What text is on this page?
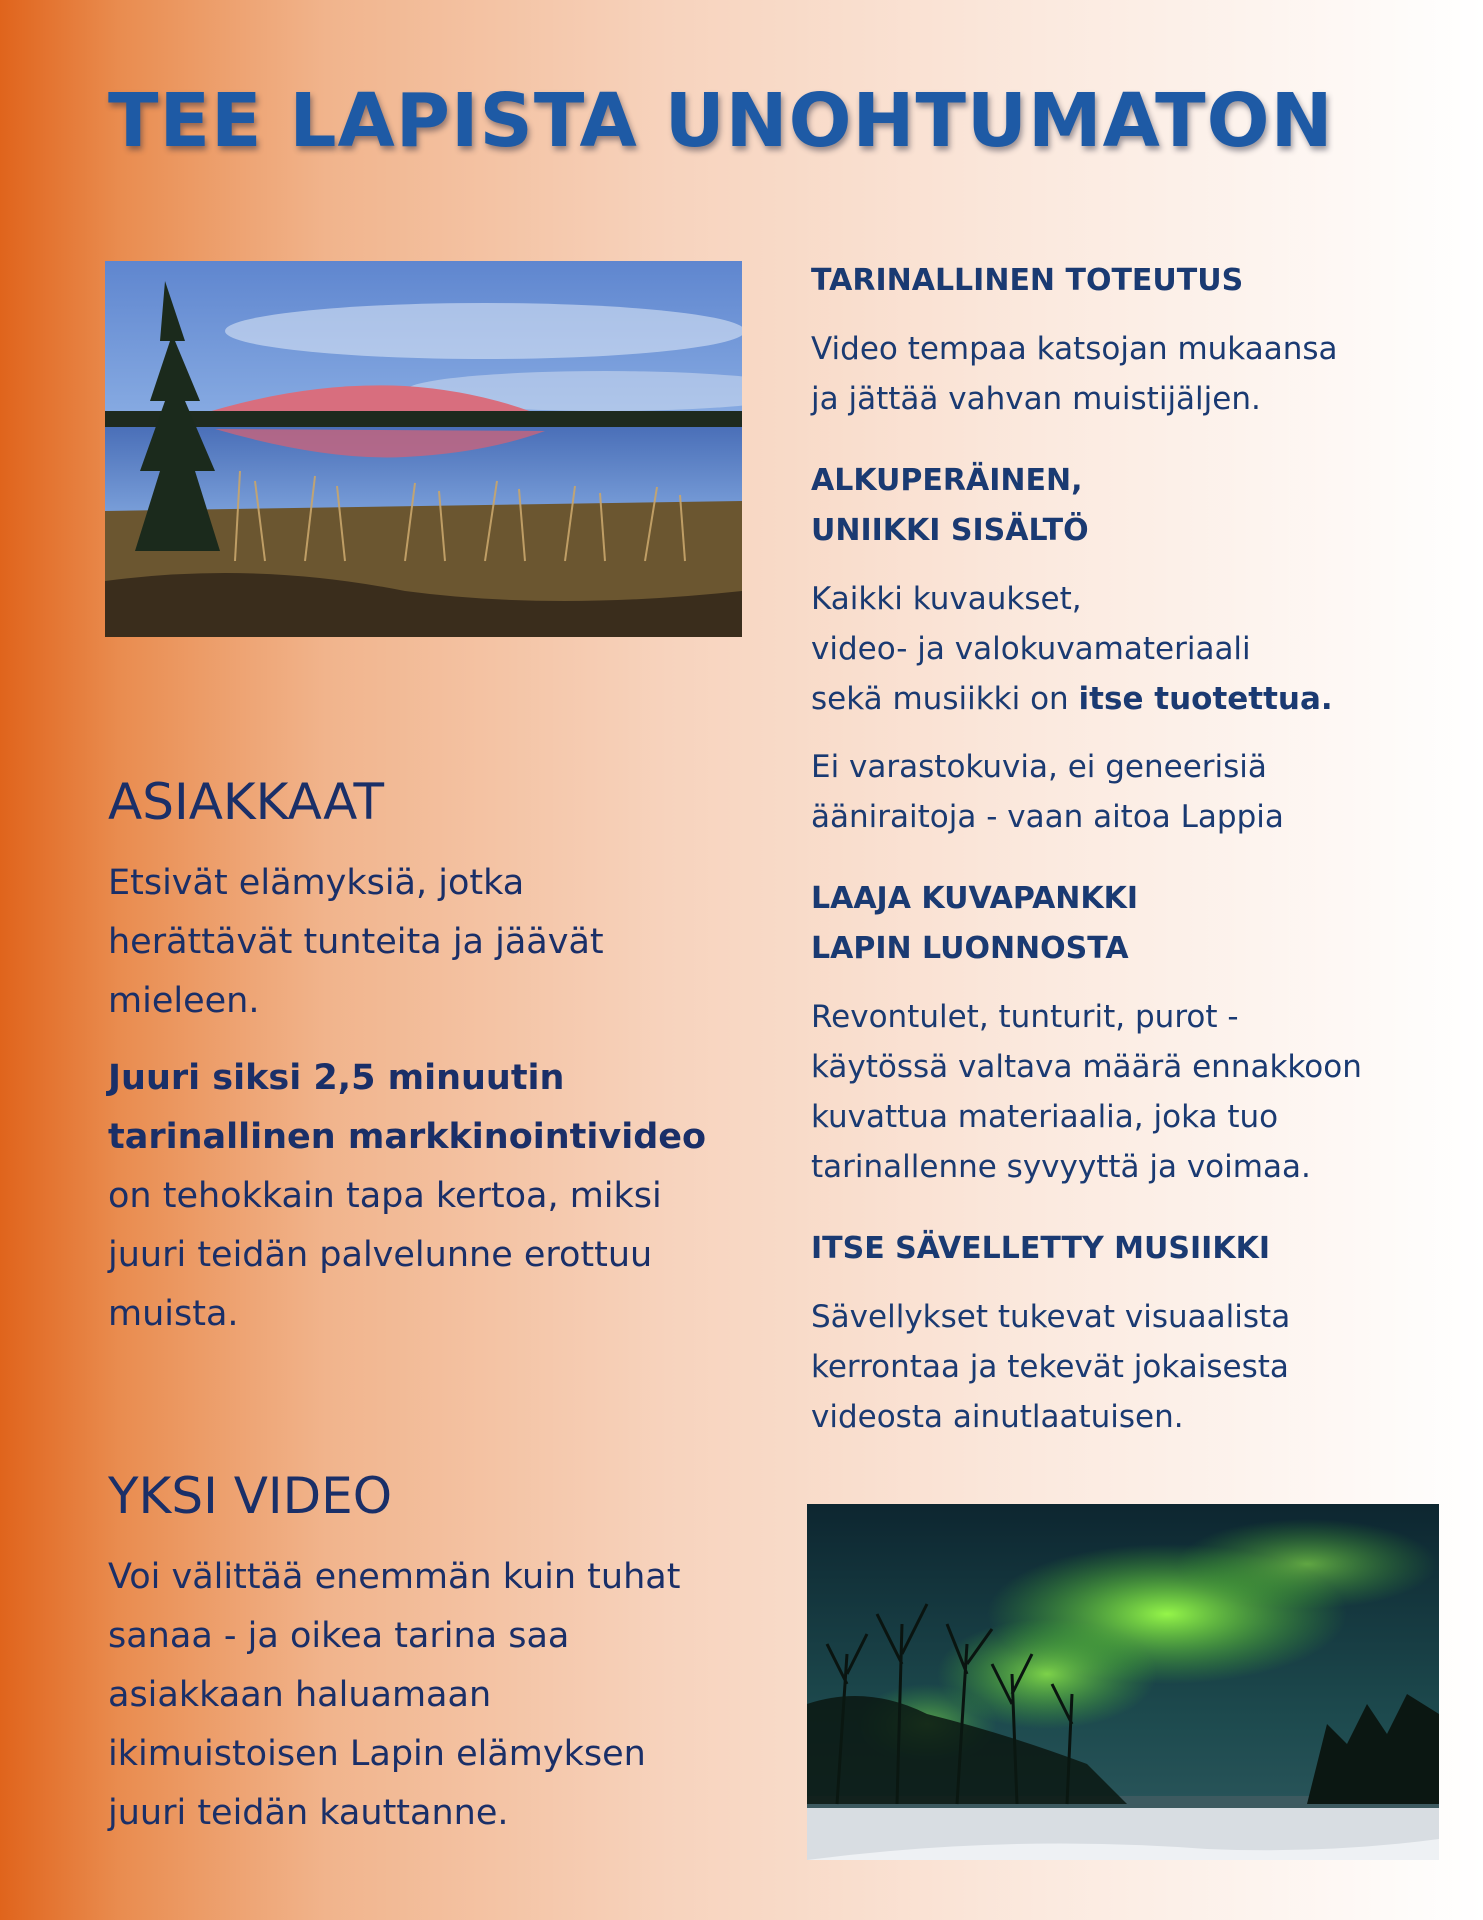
TEE LAPISTA UNOHTUMATON
ASIAKKAAT

Etsivät elämyksiä, jotka

herättävät tunteita ja jäävät

mieleen.

Juuri siksi 2,5 minuutin

tarinallinen markkinointivideo

on tehokkain tapa kertoa, miksi

juuri teidän palvelunne erottuu

muista.

YKSI VIDEO

Voi välittää enemmän kuin tuhat

sanaa - ja oikea tarina saa

asiakkaan haluamaan

ikimuistoisen Lapin elämyksen

juuri teidän kauttanne.

TARINALLINEN TOTEUTUS

Video tempaa katsojan mukaansa

ja jättää vahvan muistijäljen.

ALKUPERÄINEN,

UNIIKKI SISÄLTÖ

Kaikki kuvaukset,

video- ja valokuvamateriaali

sekä musiikki on itse tuotettua.

Ei varastokuvia, ei geneerisiä

ääniraitoja - vaan aitoa Lappia

LAAJA KUVAPANKKI

LAPIN LUONNOSTA

Revontulet, tunturit, purot -

käytössä valtava määrä ennakkoon

kuvattua materiaalia, joka tuo

tarinallenne syvyyttä ja voimaa.

ITSE SÄVELLETTY MUSIIKKI

Sävellykset tukevat visuaalista

kerrontaa ja tekevät jokaisesta

videosta ainutlaatuisen.
